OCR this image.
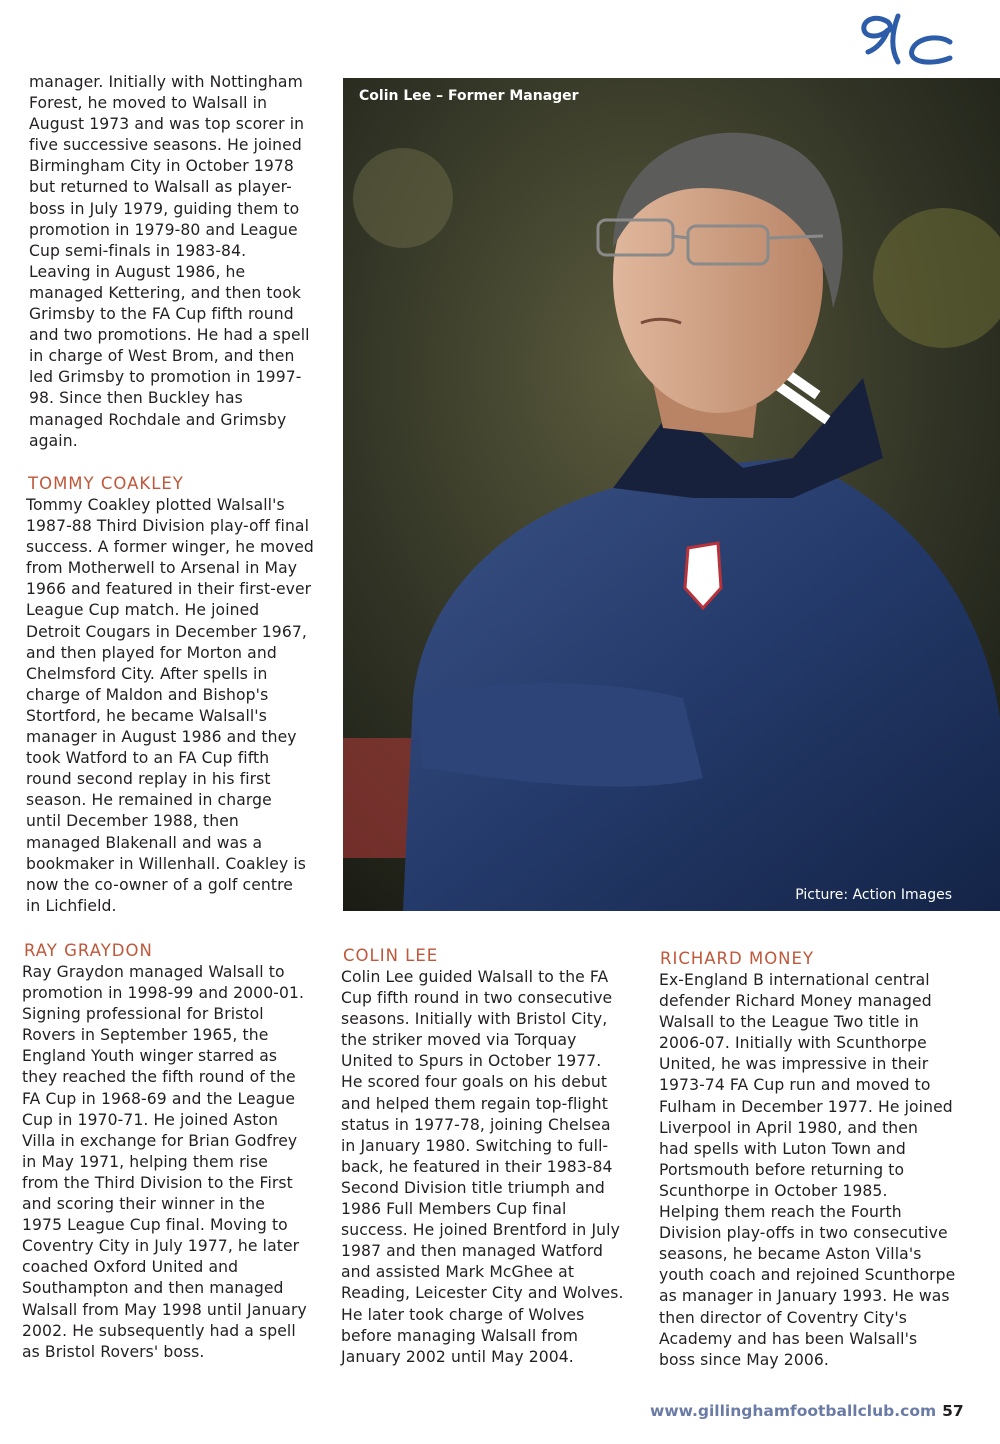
manager. Initially with Nottingham
Forest, he moved to Walsall in
August 1973 and was top scorer in
five successive seasons. He joined
Birmingham City in October 1978
but returned to Walsall as player-
boss in July 1979, guiding them to
promotion in 1979-80 and League
Cup semi-finals in 1983-84.
Leaving in August 1986, he
managed Kettering, and then took
Grimsby to the FA Cup fifth round
and two promotions. He had a spell
in charge of West Brom, and then
led Grimsby to promotion in 1997-
98. Since then Buckley has
managed Rochdale and Grimsby
again.
TOMMY COAKLEY
Tommy Coakley plotted Walsall's
1987-88 Third Division play-off final
success. A former winger, he moved
from Motherwell to Arsenal in May
1966 and featured in their first-ever
League Cup match. He joined
Detroit Cougars in December 1967,
and then played for Morton and
Chelmsford City. After spells in
charge of Maldon and Bishop's
Stortford, he became Walsall's
manager in August 1986 and they
took Watford to an FA Cup fifth
round second replay in his first
season. He remained in charge
until December 1988, then
managed Blakenall and was a
bookmaker in Willenhall. Coakley is
now the co-owner of a golf centre
in Lichfield.
RAY GRAYDON
Ray Graydon managed Walsall to
promotion in 1998-99 and 2000-01.
Signing professional for Bristol
Rovers in September 1965, the
England Youth winger starred as
they reached the fifth round of the
FA Cup in 1968-69 and the League
Cup in 1970-71. He joined Aston
Villa in exchange for Brian Godfrey
in May 1971, helping them rise
from the Third Division to the First
and scoring their winner in the
1975 League Cup final. Moving to
Coventry City in July 1977, he later
coached Oxford United and
Southampton and then managed
Walsall from May 1998 until January
2002. He subsequently had a spell
as Bristol Rovers' boss.
Colin Lee – Former Manager
Picture: Action Images
COLIN LEE
Colin Lee guided Walsall to the FA
Cup fifth round in two consecutive
seasons. Initially with Bristol City,
the striker moved via Torquay
United to Spurs in October 1977.
He scored four goals on his debut
and helped them regain top-flight
status in 1977-78, joining Chelsea
in January 1980. Switching to full-
back, he featured in their 1983-84
Second Division title triumph and
1986 Full Members Cup final
success. He joined Brentford in July
1987 and then managed Watford
and assisted Mark McGhee at
Reading, Leicester City and Wolves.
He later took charge of Wolves
before managing Walsall from
January 2002 until May 2004.
RICHARD MONEY
Ex-England B international central
defender Richard Money managed
Walsall to the League Two title in
2006-07. Initially with Scunthorpe
United, he was impressive in their
1973-74 FA Cup run and moved to
Fulham in December 1977. He joined
Liverpool in April 1980, and then
had spells with Luton Town and
Portsmouth before returning to
Scunthorpe in October 1985.
Helping them reach the Fourth
Division play-offs in two consecutive
seasons, he became Aston Villa's
youth coach and rejoined Scunthorpe
as manager in January 1993. He was
then director of Coventry City's
Academy and has been Walsall's
boss since May 2006.
www.gillinghamfootballclub.com 57
